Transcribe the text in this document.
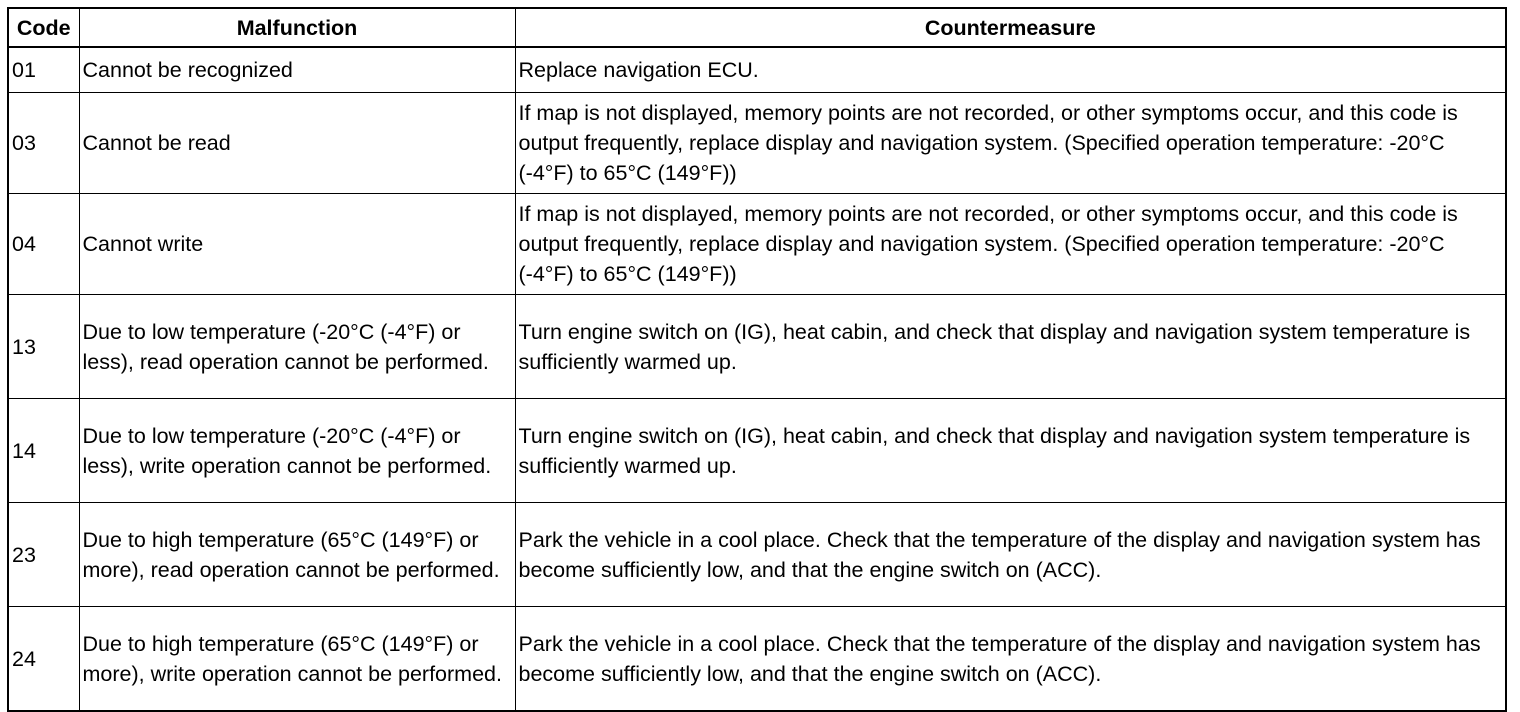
Code	Malfunction	Countermeasure
01	Cannot be recognized	Replace navigation ECU.
03	Cannot be read	If map is not displayed, memory points are not recorded, or other symptoms occur, and this code is output frequently, replace display and navigation system. (Specified operation temperature: -20°C (-4°F) to 65°C (149°F))
04	Cannot write	If map is not displayed, memory points are not recorded, or other symptoms occur, and this code is output frequently, replace display and navigation system. (Specified operation temperature: -20°C (-4°F) to 65°C (149°F))
13	Due to low temperature (-20°C (-4°F) or less), read operation cannot be performed.	Turn engine switch on (IG), heat cabin, and check that display and navigation system temperature is sufficiently warmed up.
14	Due to low temperature (-20°C (-4°F) or less), write operation cannot be performed.	Turn engine switch on (IG), heat cabin, and check that display and navigation system temperature is sufficiently warmed up.
23	Due to high temperature (65°C (149°F) or more), read operation cannot be performed.	Park the vehicle in a cool place. Check that the temperature of the display and navigation system has become sufficiently low, and that the engine switch on (ACC).
24	Due to high temperature (65°C (149°F) or more), write operation cannot be performed.	Park the vehicle in a cool place. Check that the temperature of the display and navigation system has become sufficiently low, and that the engine switch on (ACC).
